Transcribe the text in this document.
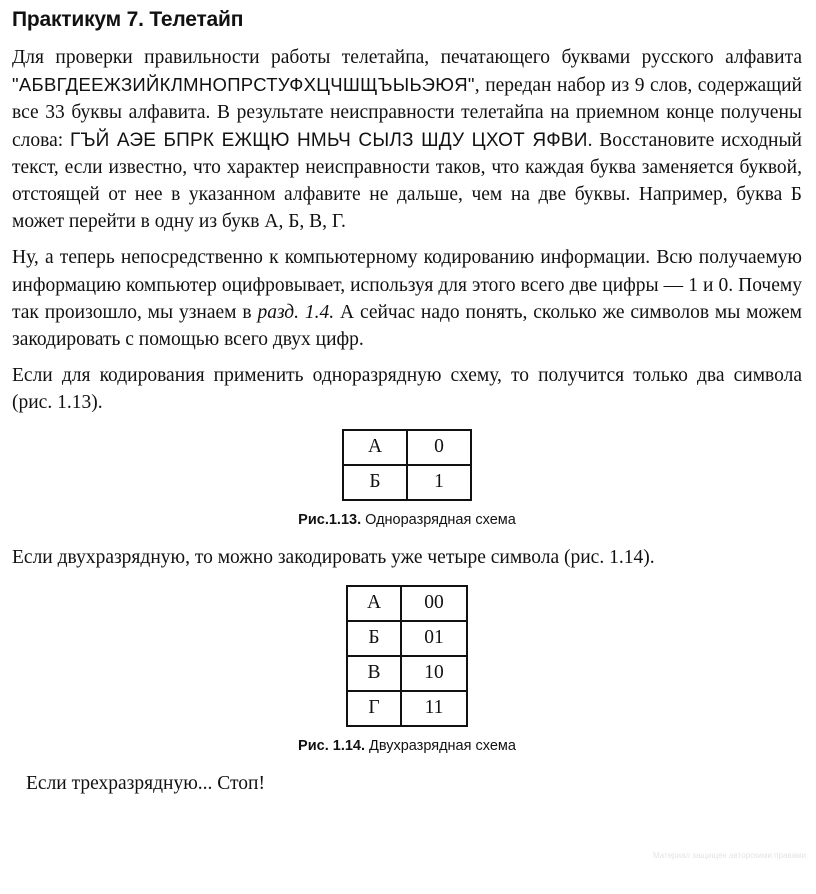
Практикум 7. Телетайп

Для проверки правильности работы телетайпа, печатающего буквами русского алфавита "АБВГДЕЕЖЗИЙКЛМНОПРСТУФХЦЧШЩЪЫЬЭЮЯ", передан набор из 9 слов, содержащий все 33 буквы алфавита. В результате неисправности телетайпа на приемном конце получены слова: ГЪЙ АЭЕ БПРК ЕЖЩЮ НМЬЧ СЫЛЗ ШДУ ЦХОТ ЯФВИ. Восстановите исходный текст, если известно, что характер неисправности таков, что каждая буква заменяется буквой, отстоящей от нее в указанном алфавите не дальше, чем на две буквы. Например, буква Б может перейти в одну из букв А, Б, В, Г.

Ну, а теперь непосредственно к компьютерному кодированию информации. Всю получаемую информацию компьютер оцифровывает, используя для этого всего две цифры — 1 и 0. Почему так произошло, мы узнаем в разд. 1.4. А сейчас надо понять, сколько же символов мы можем закодировать с помощью всего двух цифр.

Если для кодирования применить одноразрядную схему, то получится только два символа (рис. 1.13).

А	0
Б	1
Рис.1.13. Одноразрядная схема

Если двухразрядную, то можно закодировать уже четыре символа (рис. 1.14).

А	00
Б	01
В	10
Г	11
Рис. 1.14. Двухразрядная схема

Если трехразрядную... Стоп!

Материал защищен авторскими правами
